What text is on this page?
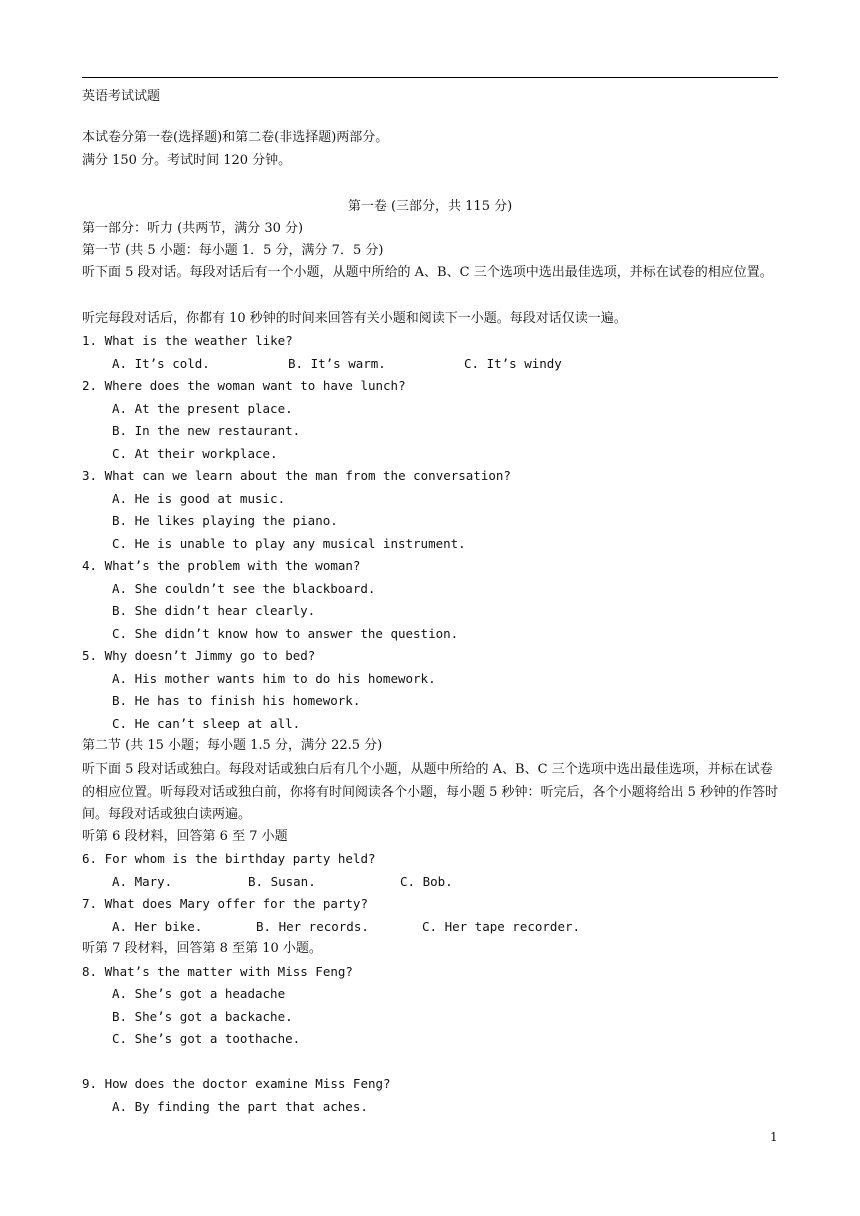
英语考试试题
本试卷分第一卷(选择题)和第二卷(非选择题)两部分。
满分 150 分。考试时间 120 分钟。
第一卷 (三部分，共 115 分)
第一部分：听力 (共两节，满分 30 分)
第一节 (共 5 小题：每小题 1．5 分，满分 7．5 分)
听下面 5 段对话。每段对话后有一个小题，从题中所给的 A、B、C 三个选项中选出最佳选项，并标在试卷的相应位置。
听完每段对话后，你都有 10 秒钟的时间来回答有关小题和阅读下一小题。每段对话仅读一遍。
1. What is the weather like?
A. It’s cold.	B. It’s warm.	C. It’s windy
2. Where does the woman want to have lunch?
A. At the present place.
B. In the new restaurant.
C. At their workplace.
3. What can we learn about the man from the conversation?
A. He is good at music.
B. He likes playing the piano.
C. He is unable to play any musical instrument.
4. What’s the problem with the woman?
A. She couldn’t see the blackboard.
B. She didn’t hear clearly.
C. She didn’t know how to answer the question.
5. Why doesn’t Jimmy go to bed?
A. His mother wants him to do his homework.
B. He has to finish his homework.
C. He can’t sleep at all.
第二节 (共 15 小题；每小题 1.5 分，满分 22.5 分)
听下面 5 段对话或独白。每段对话或独白后有几个小题，从题中所给的 A、B、C 三个选项中选出最佳选项，并标在试卷的相应位置。听每段对话或独白前，你将有时间阅读各个小题，每小题 5 秒钟：听完后，各个小题将给出 5 秒钟的作答时间。每段对话或独白读两遍。
听第 6 段材料，回答第 6 至 7 小题
6. For whom is the birthday party held?
A. Mary.	B. Susan.	C. Bob.
7. What does Mary offer for the party?
A. Her bike.	B. Her records.	C. Her tape recorder.
听第 7 段材料，回答第 8 至第 10 小题。
8. What’s the matter with Miss Feng?
A. She’s got a headache
B. She’s got a backache.
C. She’s got a toothache.
9. How does the doctor examine Miss Feng?
A. By finding the part that aches.
1
